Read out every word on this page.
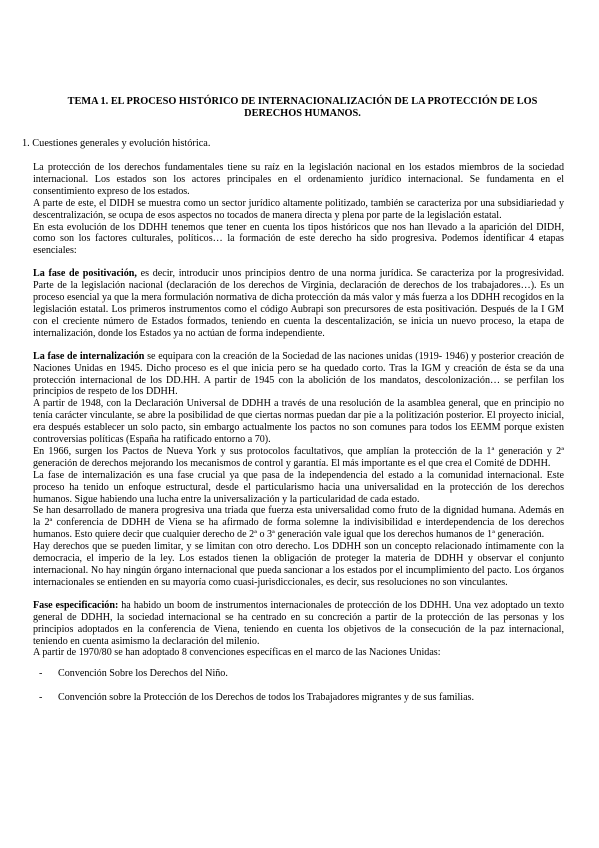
TEMA 1. EL PROCESO HISTÓRICO DE INTERNACIONALIZACIÓN DE LA PROTECCIÓN DE LOS
DERECHOS HUMANOS.
1. Cuestiones generales y evolución histórica.

La protección de los derechos fundamentales tiene su raíz en la legislación nacional en los estados miembros de la sociedad internacional. Los estados son los actores principales en el ordenamiento jurídico internacional. Se fundamenta en el consentimiento expreso de los estados.

A parte de este, el DIDH se muestra como un sector jurídico altamente politizado, también se caracteriza por una subsidiariedad y descentralización, se ocupa de esos aspectos no tocados de manera directa y plena por parte de la legislación estatal.

En esta evolución de los DDHH tenemos que tener en cuenta los tipos históricos que nos han llevado a la aparición del DIDH, como son los factores culturales, políticos… la formación de este derecho ha sido progresiva. Podemos identificar 4 etapas esenciales:

La fase de positivación, es decir, introducir unos principios dentro de una norma jurídica. Se caracteriza por la progresividad. Parte de la legislación nacional (declaración de los derechos de Virginia, declaración de derechos de los trabajadores…). Es un proceso esencial ya que la mera formulación normativa de dicha protección da más valor y más fuerza a los DDHH recogidos en la legislación estatal. Los primeros instrumentos como el código Aubrapi son precursores de esta positivación. Después de la I GM con el creciente número de Estados formados, teniendo en cuenta la descentalización, se inicia un nuevo proceso, la etapa de internalización, donde los Estados ya no actúan de forma independiente.

La fase de internalización se equipara con la creación de la Sociedad de las naciones unidas (1919- 1946) y posterior creación de Naciones Unidas en 1945. Dicho proceso es el que inicia pero se ha quedado corto. Tras la IGM y creación de ésta se da una protección internacional de los DD.HH. A partir de 1945 con la abolición de los mandatos, descolonización… se perfilan los principios de respeto de los DDHH.

A partir de 1948, con la Declaración Universal de DDHH a través de una resolución de la asamblea general, que en principio no tenía carácter vinculante, se abre la posibilidad de que ciertas normas puedan dar pie a la politización posterior. El proyecto inicial, era después establecer un solo pacto, sin embargo actualmente los pactos no son comunes para todos los EEMM porque existen controversias políticas (España ha ratificado entorno a 70).

En 1966, surgen los Pactos de Nueva York y sus protocolos facultativos, que amplían la protección de la 1ª generación y 2ª generación de derechos mejorando los mecanismos de control y garantía. El más importante es el que crea el Comité de DDHH.

La fase de internalización es una fase crucial ya que pasa de la independencia del estado a la comunidad internacional. Este proceso ha tenido un enfoque estructural, desde el particularismo hacia una universalidad en la protección de los derechos humanos. Sigue habiendo una lucha entre la universalización y la particularidad de cada estado.

Se han desarrollado de manera progresiva una triada que fuerza esta universalidad como fruto de la dignidad humana. Además en la 2ª conferencia de DDHH de Viena se ha afirmado de forma solemne la indivisibilidad e interdependencia de los derechos humanos. Esto quiere decir que cualquier derecho de 2ª o 3ª generación vale igual que los derechos humanos de 1ª generación.

Hay derechos que se pueden limitar, y se limitan con otro derecho. Los DDHH son un concepto relacionado íntimamente con la democracia, el imperio de la ley. Los estados tienen la obligación de proteger la materia de DDHH y observar el conjunto internacional. No hay ningún órgano internacional que pueda sancionar a los estados por el incumplimiento del pacto. Los órganos internacionales se entienden en su mayoría como cuasi-jurisdiccionales, es decir, sus resoluciones no son vinculantes.

Fase especificación: ha habido un boom de instrumentos internacionales de protección de los DDHH. Una vez adoptado un texto general de DDHH, la sociedad internacional se ha centrado en su concreción a partir de la protección de las personas y los principios adoptados en la conferencia de Viena, teniendo en cuenta los objetivos de la consecución de la paz internacional, teniendo en cuenta asimismo la declaración del milenio.

A partir de 1970/80 se han adoptado 8 convenciones específicas en el marco de las Naciones Unidas:

- Convención Sobre los Derechos del Niño.
- Convención sobre la Protección de los Derechos de todos los Trabajadores migrantes y de sus familias.
